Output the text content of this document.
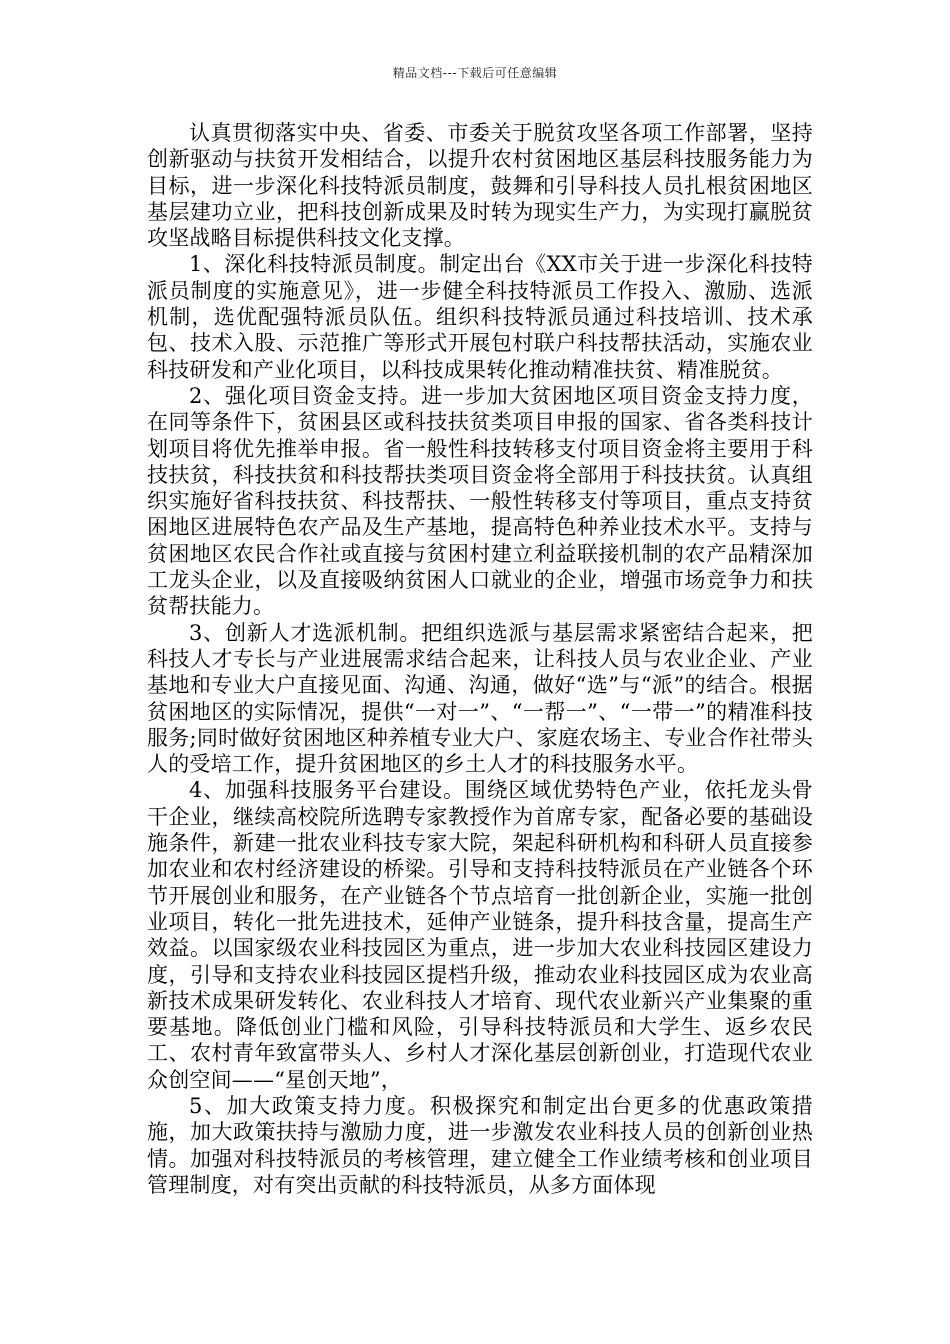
精品文档---下载后可任意编辑

认真贯彻落实中央、省委、市委关于脱贫攻坚各项工作部署，坚持创新驱动与扶贫开发相结合，以提升农村贫困地区基层科技服务能力为目标，进一步深化科技特派员制度，鼓舞和引导科技人员扎根贫困地区基层建功立业，把科技创新成果及时转为现实生产力，为实现打赢脱贫攻坚战略目标提供科技文化支撑。

1、深化科技特派员制度。制定出台《XX市关于进一步深化科技特派员制度的实施意见》，进一步健全科技特派员工作投入、激励、选派机制，选优配强特派员队伍。组织科技特派员通过科技培训、技术承包、技术入股、示范推广等形式开展包村联户科技帮扶活动，实施农业科技研发和产业化项目，以科技成果转化推动精准扶贫、精准脱贫。

2、强化项目资金支持。进一步加大贫困地区项目资金支持力度，在同等条件下，贫困县区或科技扶贫类项目申报的国家、省各类科技计划项目将优先推举申报。省一般性科技转移支付项目资金将主要用于科技扶贫，科技扶贫和科技帮扶类项目资金将全部用于科技扶贫。认真组织实施好省科技扶贫、科技帮扶、一般性转移支付等项目，重点支持贫困地区进展特色农产品及生产基地，提高特色种养业技术水平。支持与贫困地区农民合作社或直接与贫困村建立利益联接机制的农产品精深加工龙头企业，以及直接吸纳贫困人口就业的企业，增强市场竞争力和扶贫帮扶能力。

3、创新人才选派机制。把组织选派与基层需求紧密结合起来，把科技人才专长与产业进展需求结合起来，让科技人员与农业企业、产业基地和专业大户直接见面、沟通、沟通，做好“选”与“派”的结合。根据贫困地区的实际情况，提供“一对一”、“一帮一”、“一带一”的精准科技服务;同时做好贫困地区种养植专业大户、家庭农场主、专业合作社带头人的受培工作，提升贫困地区的乡土人才的科技服务水平。

4、加强科技服务平台建设。围绕区域优势特色产业，依托龙头骨干企业，继续高校院所选聘专家教授作为首席专家，配备必要的基础设施条件，新建一批农业科技专家大院，架起科研机构和科研人员直接参加农业和农村经济建设的桥梁。引导和支持科技特派员在产业链各个环节开展创业和服务，在产业链各个节点培育一批创新企业，实施一批创业项目，转化一批先进技术，延伸产业链条，提升科技含量，提高生产效益。以国家级农业科技园区为重点，进一步加大农业科技园区建设力度，引导和支持农业科技园区提档升级，推动农业科技园区成为农业高新技术成果研发转化、农业科技人才培育、现代农业新兴产业集聚的重要基地。降低创业门槛和风险，引导科技特派员和大学生、返乡农民工、农村青年致富带头人、乡村人才深化基层创新创业，打造现代农业众创空间——“星创天地”，

5、加大政策支持力度。积极探究和制定出台更多的优惠政策措施，加大政策扶持与激励力度，进一步激发农业科技人员的创新创业热情。加强对科技特派员的考核管理，建立健全工作业绩考核和创业项目管理制度，对有突出贡献的科技特派员，从多方面体现
